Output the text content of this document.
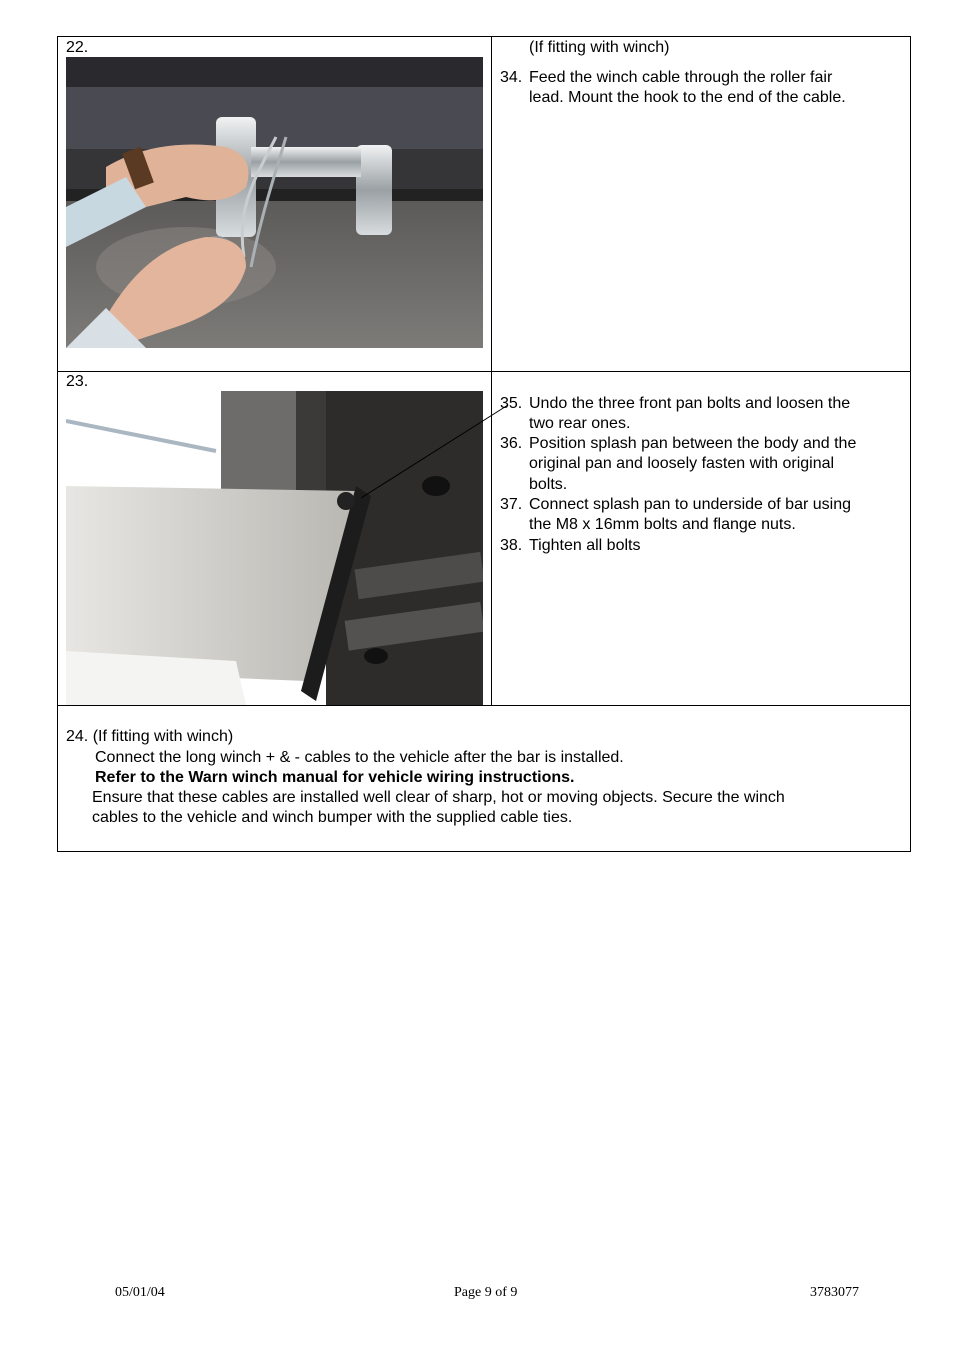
22.	(If fitting with winch)
34. Feed the winch cable through the roller fair
lead. Mount the hook to the end of the cable.
23.
35. Undo the three front pan bolts and loosen the
two rear ones.
36. Position splash pan between the body and the
original pan and loosely fasten with original
bolts.
37. Connect splash pan to underside of bar using
the M8 x 16mm bolts and flange nuts.
38. Tighten all bolts
24. (If fitting with winch)
Connect the long winch + & - cables to the vehicle after the bar is installed.
Refer to the Warn winch manual for vehicle wiring instructions.
Ensure that these cables are installed well clear of sharp, hot or moving objects. Secure the winch
cables to the vehicle and winch bumper with the supplied cable ties.
05/01/04	Page 9 of 9	3783077
